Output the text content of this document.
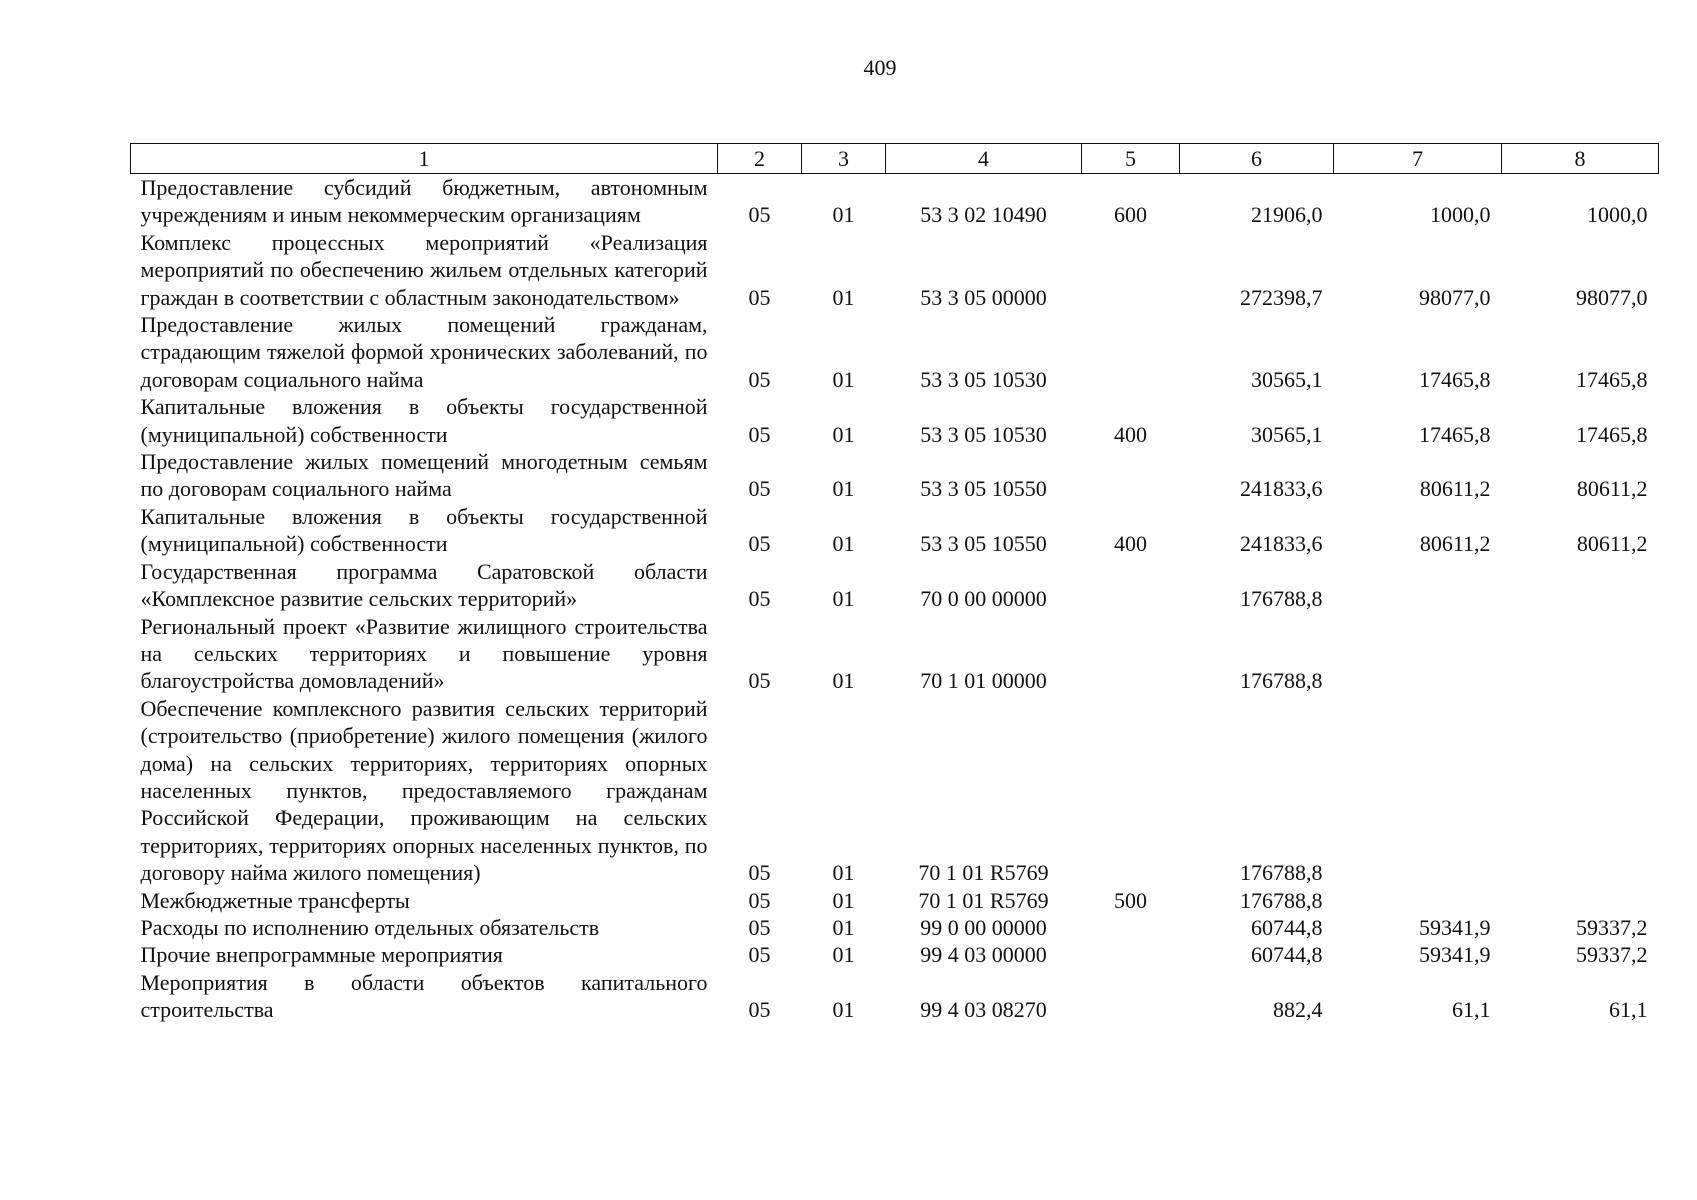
409
1	2	3	4	5	6	7	8
Предоставление субсидий бюджетным, автономным учреждениям и иным некоммерческим организациям	05	01	53 3 02 10490	600	21906,0	1000,0	1000,0
Комплекс процессных мероприятий «Реализация мероприятий по обеспечению жильем отдельных категорий граждан в соответствии с областным законодательством»	05	01	53 3 05 00000		272398,7	98077,0	98077,0
Предоставление жилых помещений гражданам, страдающим тяжелой формой хронических заболеваний, по договорам социального найма	05	01	53 3 05 10530		30565,1	17465,8	17465,8
Капитальные вложения в объекты государственной (муниципальной) собственности	05	01	53 3 05 10530	400	30565,1	17465,8	17465,8
Предоставление жилых помещений многодетным семьям по договорам социального найма	05	01	53 3 05 10550		241833,6	80611,2	80611,2
Капитальные вложения в объекты государственной (муниципальной) собственности	05	01	53 3 05 10550	400	241833,6	80611,2	80611,2
Государственная программа Саратовской области «Комплексное развитие сельских территорий»	05	01	70 0 00 00000		176788,8		
Региональный проект «Развитие жилищного строительства на сельских территориях и повышение уровня благоустройства домовладений»	05	01	70 1 01 00000		176788,8		
Обеспечение комплексного развития сельских территорий (строительство (приобретение) жилого помещения (жилого дома) на сельских территориях, территориях опорных населенных пунктов, предоставляемого гражданам Российской Федерации, проживающим на сельских территориях, территориях опорных населенных пунктов, по договору найма жилого помещения)	05	01	70 1 01 R5769		176788,8		
Межбюджетные трансферты	05	01	70 1 01 R5769	500	176788,8		
Расходы по исполнению отдельных обязательств	05	01	99 0 00 00000		60744,8	59341,9	59337,2
Прочие внепрограммные мероприятия	05	01	99 4 03 00000		60744,8	59341,9	59337,2
Мероприятия в области объектов капитального строительства	05	01	99 4 03 08270		882,4	61,1	61,1
